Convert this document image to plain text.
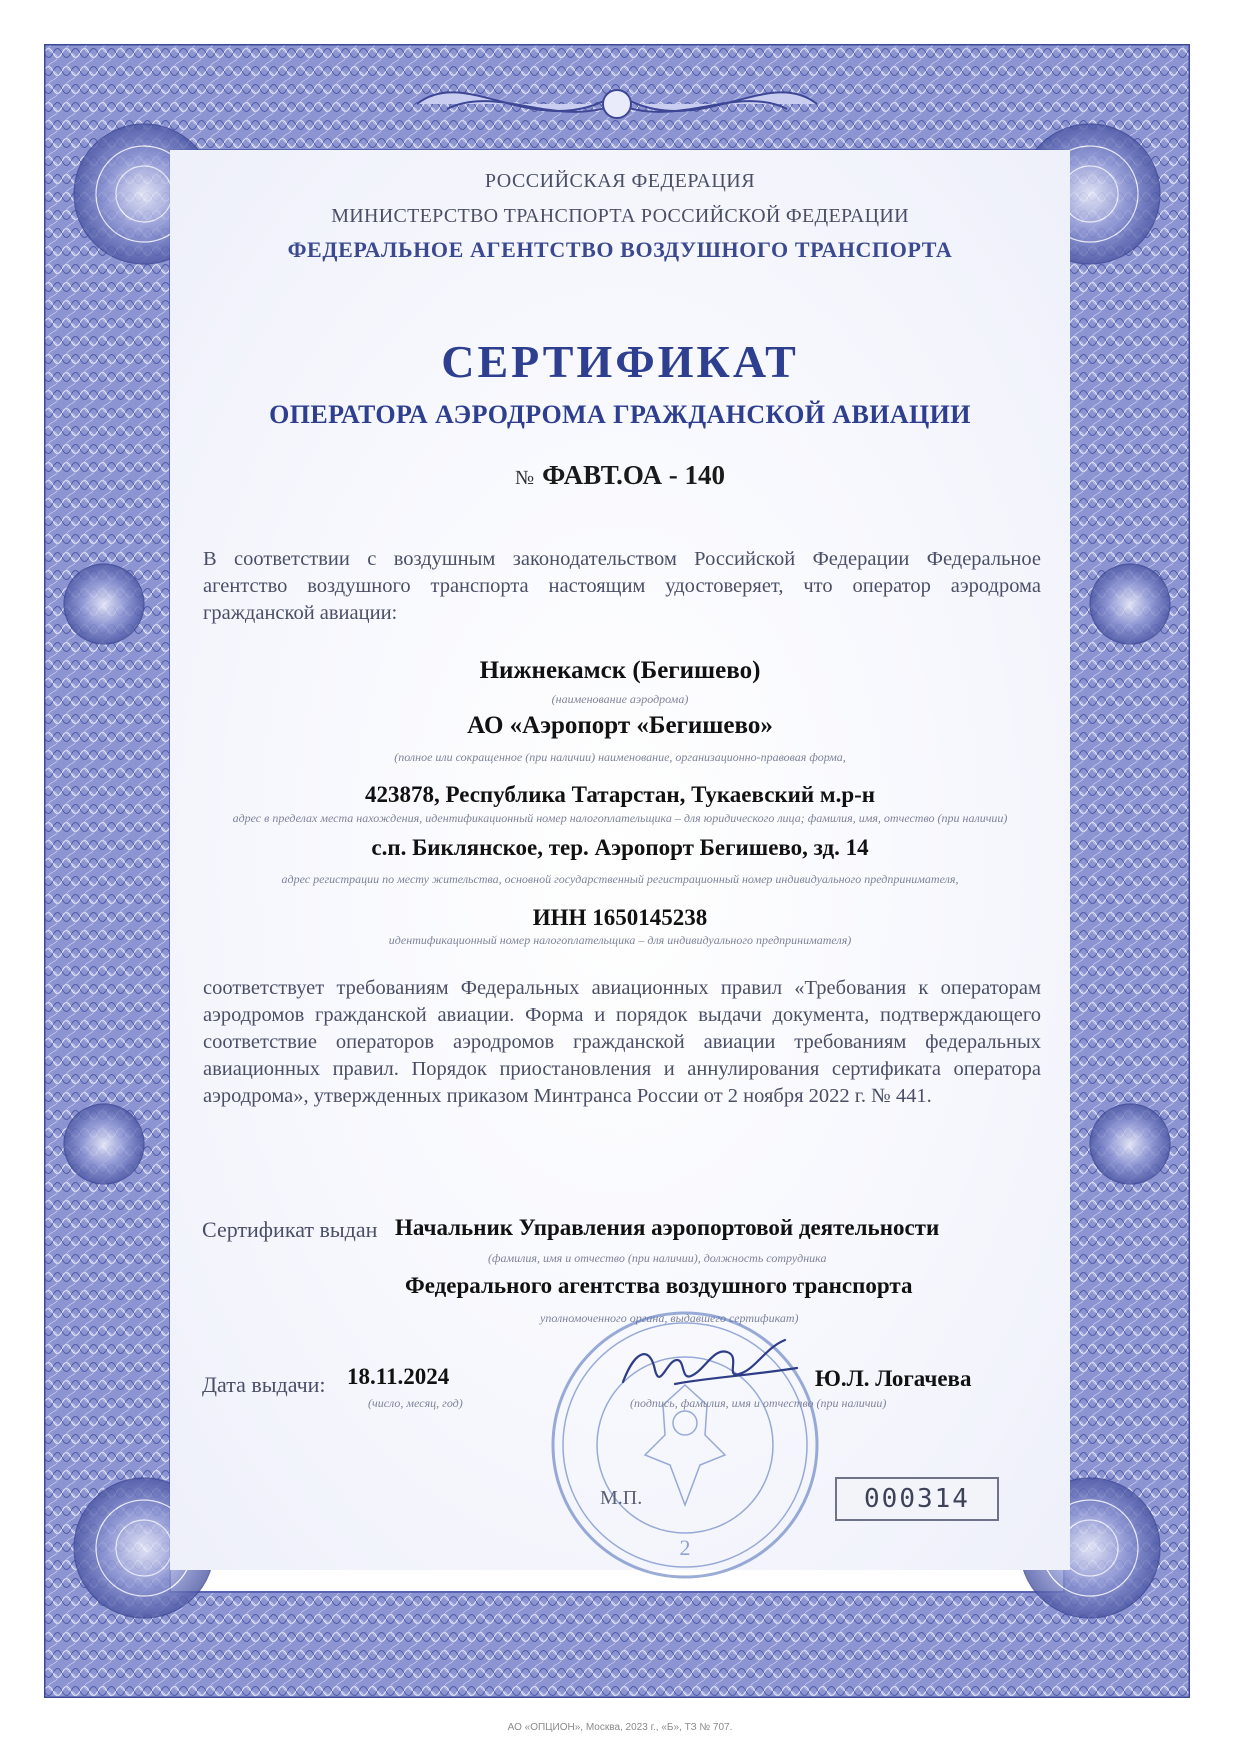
РОССИЙСКАЯ ФЕДЕРАЦИЯ
МИНИСТЕРСТВО ТРАНСПОРТА РОССИЙСКОЙ ФЕДЕРАЦИИ
ФЕДЕРАЛЬНОЕ АГЕНТСТВО ВОЗДУШНОГО ТРАНСПОРТА
СЕРТИФИКАТ
ОПЕРАТОРА АЭРОДРОМА ГРАЖДАНСКОЙ АВИАЦИИ
№ ФАВТ.ОА - 140
В соответствии с воздушным законодательством Российской Федерации Федеральное агентство воздушного транспорта настоящим удостоверяет, что оператор аэродрома гражданской авиации:
Нижнекамск (Бегишево)
(наименование аэродрома)
АО «Аэропорт «Бегишево»
(полное или сокращенное (при наличии) наименование, организационно-правовая форма,
423878, Республика Татарстан, Тукаевский м.р-н
адрес в пределах места нахождения, идентификационный номер налогоплательщика – для юридического лица; фамилия, имя, отчество (при наличии)
с.п. Биклянское, тер. Аэропорт Бегишево, зд. 14
адрес регистрации по месту жительства, основной государственный регистрационный номер индивидуального предпринимателя,
ИНН 1650145238
идентификационный номер налогоплательщика – для индивидуального предпринимателя)
соответствует требованиям Федеральных авиационных правил «Требования к операторам аэродромов гражданской авиации. Форма и порядок выдачи документа, подтверждающего соответствие операторов аэродромов гражданской авиации требованиям федеральных авиационных правил. Порядок приостановления и аннулирования сертификата оператора аэродрома», утвержденных приказом Минтранса России от 2 ноября 2022 г. № 441.
Сертификат выдан Начальник Управления аэропортовой деятельности
(фамилия, имя и отчество (при наличии), должность сотрудника
Федерального агентства воздушного транспорта
уполномоченного органа, выдавшего сертификат)
2
Дата выдачи: 18.11.2024
(число, месяц, год)
Ю.Л. Логачева
(подпись, фамилия, имя и отчество (при наличии)
М.П.	000314
АО «ОПЦИОН», Москва, 2023 г., «Б», ТЗ № 707.
